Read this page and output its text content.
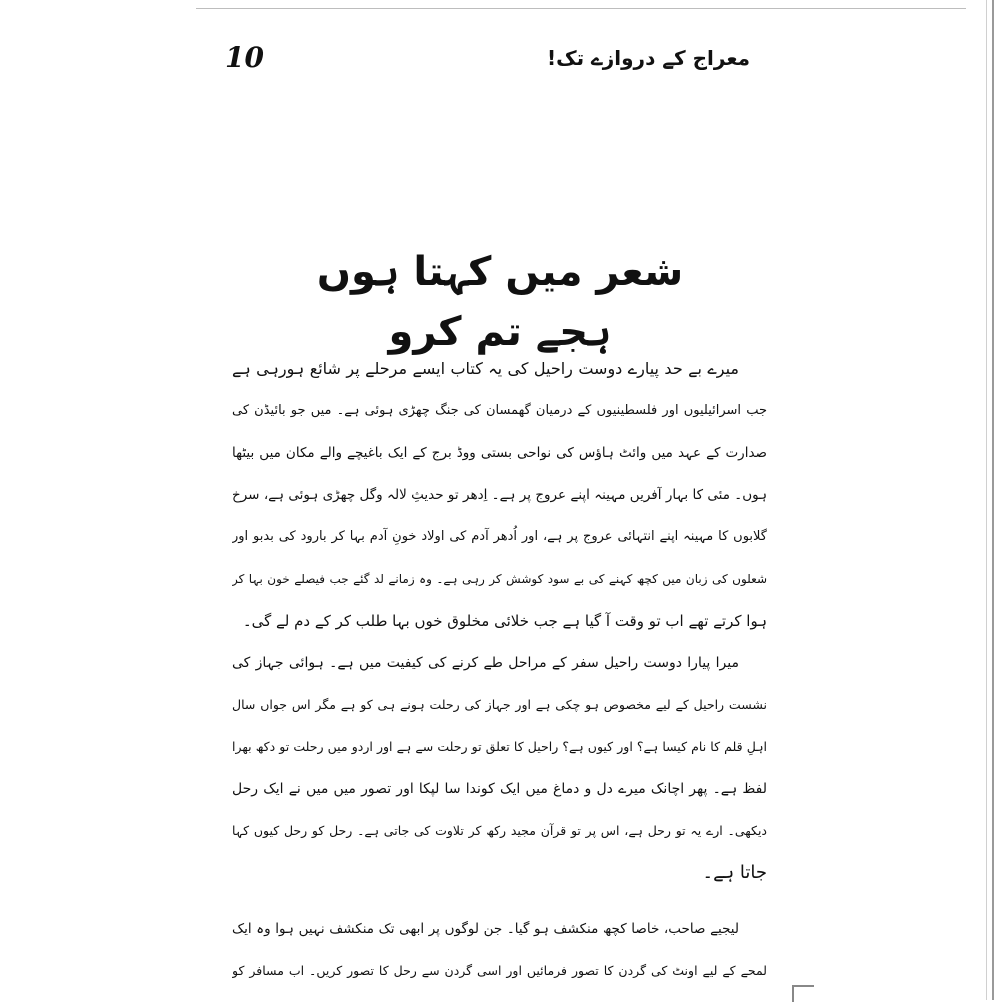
10	معراج کے دروازے تک!
شعر میں کہتا ہوں ہجے تم کرو
میرے بے حد پیارے دوست راحیل کی یہ کتاب ایسے مرحلے پر شائع ہورہی ہے
جب اسرائیلیوں اور فلسطینیوں کے درمیان گھمسان کی جنگ چھڑی ہوئی ہے۔ میں جو بائیڈن کی
صدارت کے عہد میں وائٹ ہاؤس کی نواحی بستی ووڈ برج کے ایک باغیچے والے مکان میں بیٹھا
ہوں۔ مئی کا بہار آفریں مہینہ اپنے عروج پر ہے۔ اِدھر تو حدیثِ لالہ وگل چھڑی ہوئی ہے، سرخ
گلابوں کا مہینہ اپنے انتہائی عروج پر ہے، اور اُدھر آدم کی اولاد خونِ آدم بہا کر بارود کی بدبو اور
شعلوں کی زبان میں کچھ کہنے کی بے سود کوشش کر رہی ہے۔ وہ زمانے لد گئے جب فیصلے خون بہا کر
ہوا کرتے تھے اب تو وقت آ گیا ہے جب خلائی مخلوق خوں بہا طلب کر کے دم لے گی۔
میرا پیارا دوست راحیل سفر کے مراحل طے کرنے کی کیفیت میں ہے۔ ہوائی جہاز کی
نشست راحیل کے لیے مخصوص ہو چکی ہے اور جہاز کی رحلت ہونے ہی کو ہے مگر اس جواں سال
اہلِ قلم کا نام کیسا ہے؟ اور کیوں ہے؟ راحیل کا تعلق تو رحلت سے ہے اور اردو میں رحلت تو دکھ بھرا
لفظ ہے۔ پھر اچانک میرے دل و دماغ میں ایک کوندا سا لپکا اور تصور میں میں نے ایک رحل
دیکھی۔ ارے یہ تو رحل ہے، اس پر تو قرآن مجید رکھ کر تلاوت کی جاتی ہے۔ رحل کو رحل کیوں کہا
جاتا ہے۔
لیجیے صاحب، خاصا کچھ منکشف ہو گیا۔ جن لوگوں پر ابھی تک منکشف نہیں ہوا وہ ایک
لمحے کے لیے اونٹ کی گردن کا تصور فرمائیں اور اسی گردن سے رحل کا تصور کریں۔ اب مسافر کو
